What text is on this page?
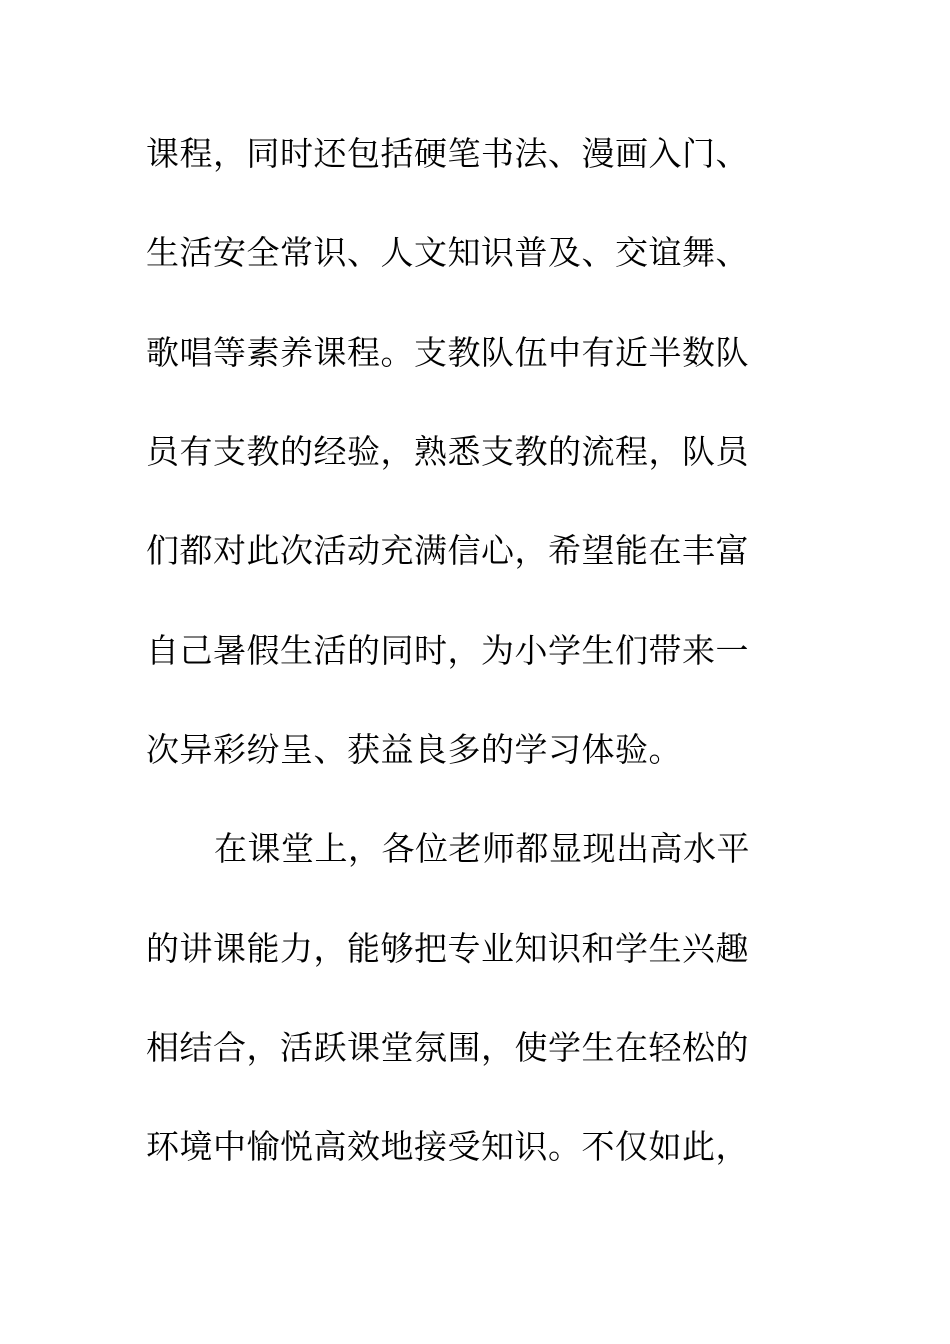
课程，同时还包括硬笔书法、漫画入门、
生活安全常识、人文知识普及、交谊舞、
歌唱等素养课程。支教队伍中有近半数队
员有支教的经验，熟悉支教的流程，队员
们都对此次活动充满信心，希望能在丰富
自己暑假生活的同时，为小学生们带来一
次异彩纷呈、获益良多的学习体验。
在课堂上，各位老师都显现出高水平
的讲课能力，能够把专业知识和学生兴趣
相结合，活跃课堂氛围，使学生在轻松的
环境中愉悦高效地接受知识。不仅如此，
